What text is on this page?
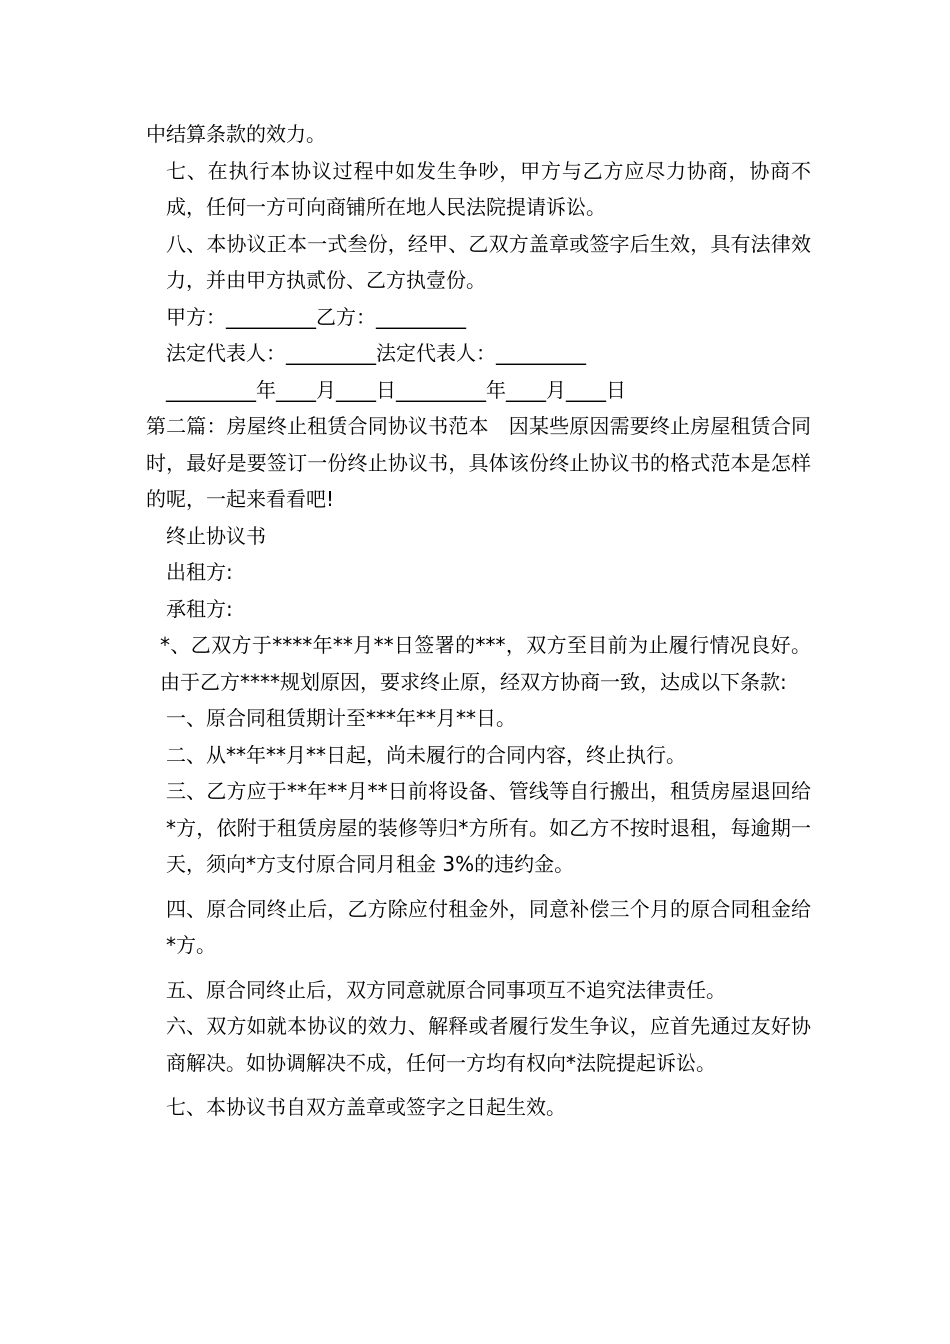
中结算条款的效力。

七、在执行本协议过程中如发生争吵，甲方与乙方应尽力协商，协商不成，任何一方可向商铺所在地人民法院提请诉讼。

八、本协议正本一式叁份，经甲、乙双方盖章或签字后生效，具有法律效力，并由甲方执贰份、乙方执壹份。

甲方：_________乙方：_________

法定代表人：_________法定代表人：_________

_________年____月____日_________年____月____日

第二篇：房屋终止租赁合同协议书范本　因某些原因需要终止房屋租赁合同时，最好是要签订一份终止协议书，具体该份终止协议书的格式范本是怎样的呢，一起来看看吧!

终止协议书

出租方:

承租方:

*、乙双方于****年**月**日签署的***，双方至目前为止履行情况良好。由于乙方****规划原因，要求终止原，经双方协商一致，达成以下条款:

一、原合同租赁期计至***年**月**日。

二、从**年**月**日起，尚未履行的合同内容，终止执行。

三、乙方应于**年**月**日前将设备、管线等自行搬出，租赁房屋退回给*方，依附于租赁房屋的装修等归*方所有。如乙方不按时退租，每逾期一天，须向*方支付原合同月租金 3%的违约金。

四、原合同终止后，乙方除应付租金外，同意补偿三个月的原合同租金给*方。

五、原合同终止后，双方同意就原合同事项互不追究法律责任。

六、双方如就本协议的效力、解释或者履行发生争议，应首先通过友好协商解决。如协调解决不成，任何一方均有权向*法院提起诉讼。

七、本协议书自双方盖章或签字之日起生效。
